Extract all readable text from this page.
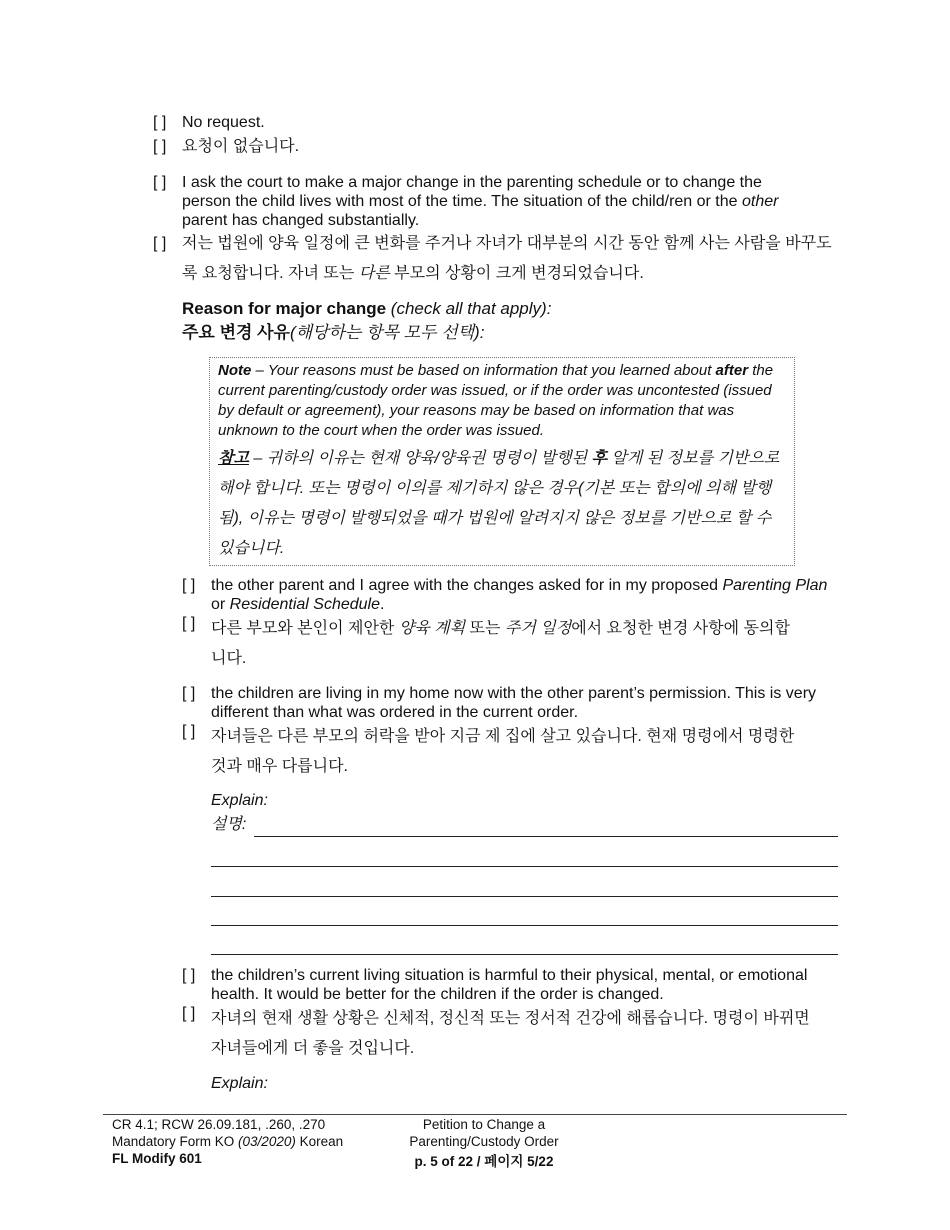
[ ] No request.
[ ] 요청이 없습니다.
[ ] I ask the court to make a major change in the parenting schedule or to change the person the child lives with most of the time. The situation of the child/ren or the other parent has changed substantially.
[ ] 저는 법원에 양육 일정에 큰 변화를 주거나 자녀가 대부분의 시간 동안 함께 사는 사람을 바꾸도록 요청합니다. 자녀 또는 다른 부모의 상황이 크게 변경되었습니다.
Reason for major change (check all that apply):
주요 변경 사유(해당하는 항목 모두 선택):
Note – Your reasons must be based on information that you learned about after the current parenting/custody order was issued, or if the order was uncontested (issued by default or agreement), your reasons may be based on information that was unknown to the court when the order was issued.
참고 – 귀하의 이유는 현재 양육/양육권 명령이 발행된 후 알게 된 정보를 기반으로 해야 합니다. 또는 명령이 이의를 제기하지 않은 경우(기본 또는 합의에 의해 발행됨), 이유는 명령이 발행되었을 때가 법원에 알려지지 않은 정보를 기반으로 할 수 있습니다.
[ ] the other parent and I agree with the changes asked for in my proposed Parenting Plan or Residential Schedule.
[ ] 다른 부모와 본인이 제안한 양육 계획 또는 주거 일정에서 요청한 변경 사항에 동의합니다.
[ ] the children are living in my home now with the other parent’s permission. This is very different than what was ordered in the current order.
[ ] 자녀들은 다른 부모의 허락을 받아 지금 제 집에 살고 있습니다. 현재 명령에서 명령한 것과 매우 다릅니다.
Explain:
설명:
[ ] the children’s current living situation is harmful to their physical, mental, or emotional health. It would be better for the children if the order is changed.
[ ] 자녀의 현재 생활 상황은 신체적, 정신적 또는 정서적 건강에 해롭습니다. 명령이 바뀌면 자녀들에게 더 좋을 것입니다.
Explain:
CR 4.1; RCW 26.09.181, .260, .270
Mandatory Form KO (03/2020) Korean
FL Modify 601
Petition to Change a
Parenting/Custody Order
p. 5 of 22 / 페이지 5/22
